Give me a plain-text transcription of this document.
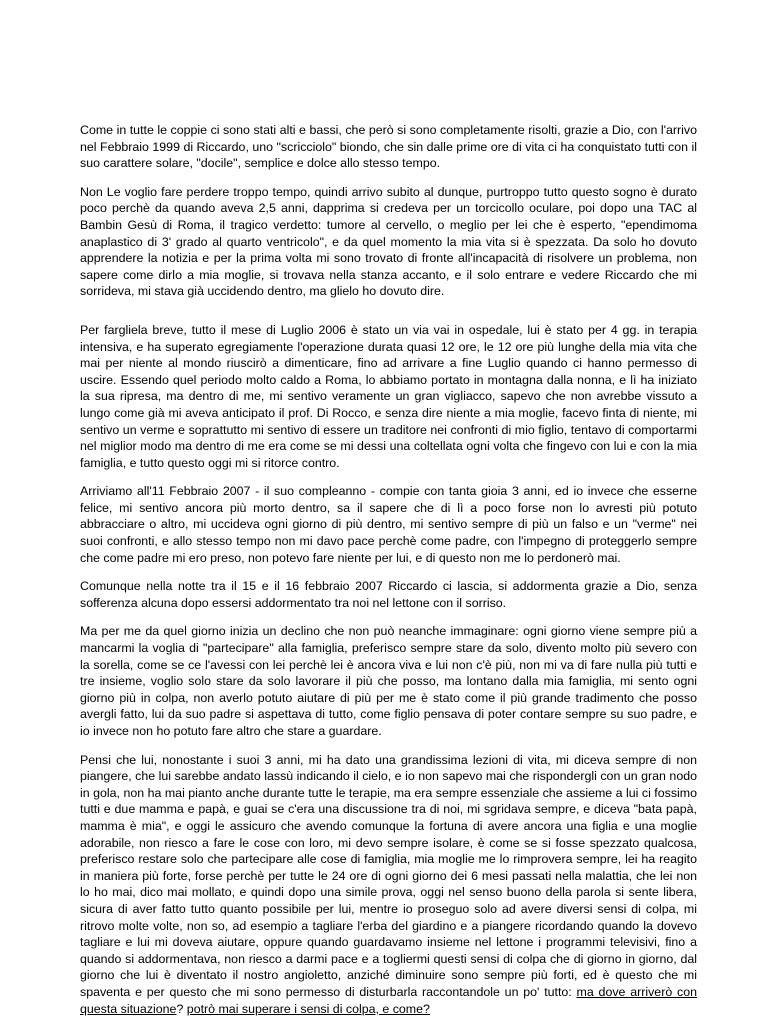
Come in tutte le coppie ci sono stati alti e bassi, che però si sono completamente risolti, grazie a Dio, con l'arrivo nel Febbraio 1999 di Riccardo, uno "scricciolo" biondo, che sin dalle prime ore di vita ci ha conquistato tutti con il suo carattere solare, "docile", semplice e dolce allo stesso tempo.

Non Le voglio fare perdere troppo tempo, quindi arrivo subito al dunque, purtroppo tutto questo sogno è durato poco perchè da quando aveva 2,5 anni, dapprima si credeva per un torcicollo oculare, poi dopo una TAC al Bambin Gesù di Roma, il tragico verdetto: tumore al cervello, o meglio per lei che è esperto, "ependimoma anaplastico di 3' grado al quarto ventricolo", e da quel momento la mia vita si è spezzata. Da solo ho dovuto apprendere la notizia e per la prima volta mi sono trovato di fronte all'incapacità di risolvere un problema, non sapere come dirlo a mia moglie, si trovava nella stanza accanto, e il solo entrare e vedere Riccardo che mi sorrideva, mi stava già uccidendo dentro, ma glielo ho dovuto dire.

Per fargliela breve, tutto il mese di Luglio 2006 è stato un via vai in ospedale, lui è stato per 4 gg. in terapia intensiva, e ha superato egregiamente l'operazione durata quasi 12 ore, le 12 ore più lunghe della mia vita che mai per niente al mondo riuscirò a dimenticare, fino ad arrivare a fine Luglio quando ci hanno permesso di uscire. Essendo quel periodo molto caldo a Roma, lo abbiamo portato in montagna dalla nonna, e lì ha iniziato la sua ripresa, ma dentro di me, mi sentivo veramente un gran vigliacco, sapevo che non avrebbe vissuto a lungo come già mi aveva anticipato il prof. Di Rocco, e senza dire niente a mia moglie, facevo finta di niente, mi sentivo un verme e soprattutto mi sentivo di essere un traditore nei confronti di mio figlio, tentavo di comportarmi nel miglior modo ma dentro di me era come se mi dessi una coltellata ogni volta che fingevo con lui e con la mia famiglia, e tutto questo oggi mi si ritorce contro.

Arriviamo all'11 Febbraio 2007 - il suo compleanno - compie con tanta gioia 3 anni, ed io invece che esserne felice, mi sentivo ancora più morto dentro, sa il sapere che di lì a poco forse non lo avresti più potuto abbracciare o altro, mi uccideva ogni giorno di più dentro, mi sentivo sempre di più un falso e un "verme" nei suoi confronti, e allo stesso tempo non mi davo pace perchè come padre, con l'impegno di proteggerlo sempre che come padre mi ero preso, non potevo fare niente per lui, e di questo non me lo perdonerò mai.

Comunque nella notte tra il 15 e il 16 febbraio 2007 Riccardo ci lascia, si addormenta grazie a Dio, senza sofferenza alcuna dopo essersi addormentato tra noi nel lettone con il sorriso.

Ma per me da quel giorno inizia un declino che non può neanche immaginare: ogni giorno viene sempre più a mancarmi la voglia di "partecipare" alla famiglia, preferisco sempre stare da solo, divento molto più severo con la sorella, come se ce l'avessi con lei perchè lei è ancora viva e lui non c'è più, non mi va di fare nulla più tutti e tre insieme, voglio solo stare da solo lavorare il più che posso, ma lontano dalla mia famiglia, mi sento ogni giorno più in colpa, non averlo potuto aiutare di più per me è stato come il più grande tradimento che posso avergli fatto, lui da suo padre si aspettava di tutto, come figlio pensava di poter contare sempre su suo padre, e io invece non ho potuto fare altro che stare a guardare.

Pensi che lui, nonostante i suoi 3 anni, mi ha dato una grandissima lezioni di vita, mi diceva sempre di non piangere, che lui sarebbe andato lassù indicando il cielo, e io non sapevo mai che rispondergli con un gran nodo in gola, non ha mai pianto anche durante tutte le terapie, ma era sempre essenziale che assieme a lui ci fossimo tutti e due mamma e papà, e guai se c'era una discussione tra di noi, mi sgridava sempre, e diceva "bata papà, mamma è mia", e oggi le assicuro che avendo comunque la fortuna di avere ancora una figlia e una moglie adorabile, non riesco a fare le cose con loro, mi devo sempre isolare, è come se si fosse spezzato qualcosa, preferisco restare solo che partecipare alle cose di famiglia, mia moglie me lo rimprovera sempre, lei ha reagito in maniera più forte, forse perchè per tutte le 24 ore di ogni giorno dei 6 mesi passati nella malattia, che lei non lo ho mai, dico mai mollato, e quindi dopo una simile prova, oggi nel senso buono della parola si sente libera, sicura di aver fatto tutto quanto possibile per lui, mentre io proseguo solo ad avere diversi sensi di colpa, mi ritrovo molte volte, non so, ad esempio a tagliare l'erba del giardino e a piangere ricordando quando la dovevo tagliare e lui mi doveva aiutare, oppure quando guardavamo insieme nel lettone i programmi televisivi, fino a quando si addormentava, non riesco a darmi pace e a togliermi questi sensi di colpa che di giorno in giorno, dal giorno che lui è diventato il nostro angioletto, anziché diminuire sono sempre più forti, ed è questo che mi spaventa e per questo che mi sono permesso di disturbarla raccontandole un po' tutto: ma dove arriverò con questa situazione? potrò mai superare i sensi di colpa, e come?
